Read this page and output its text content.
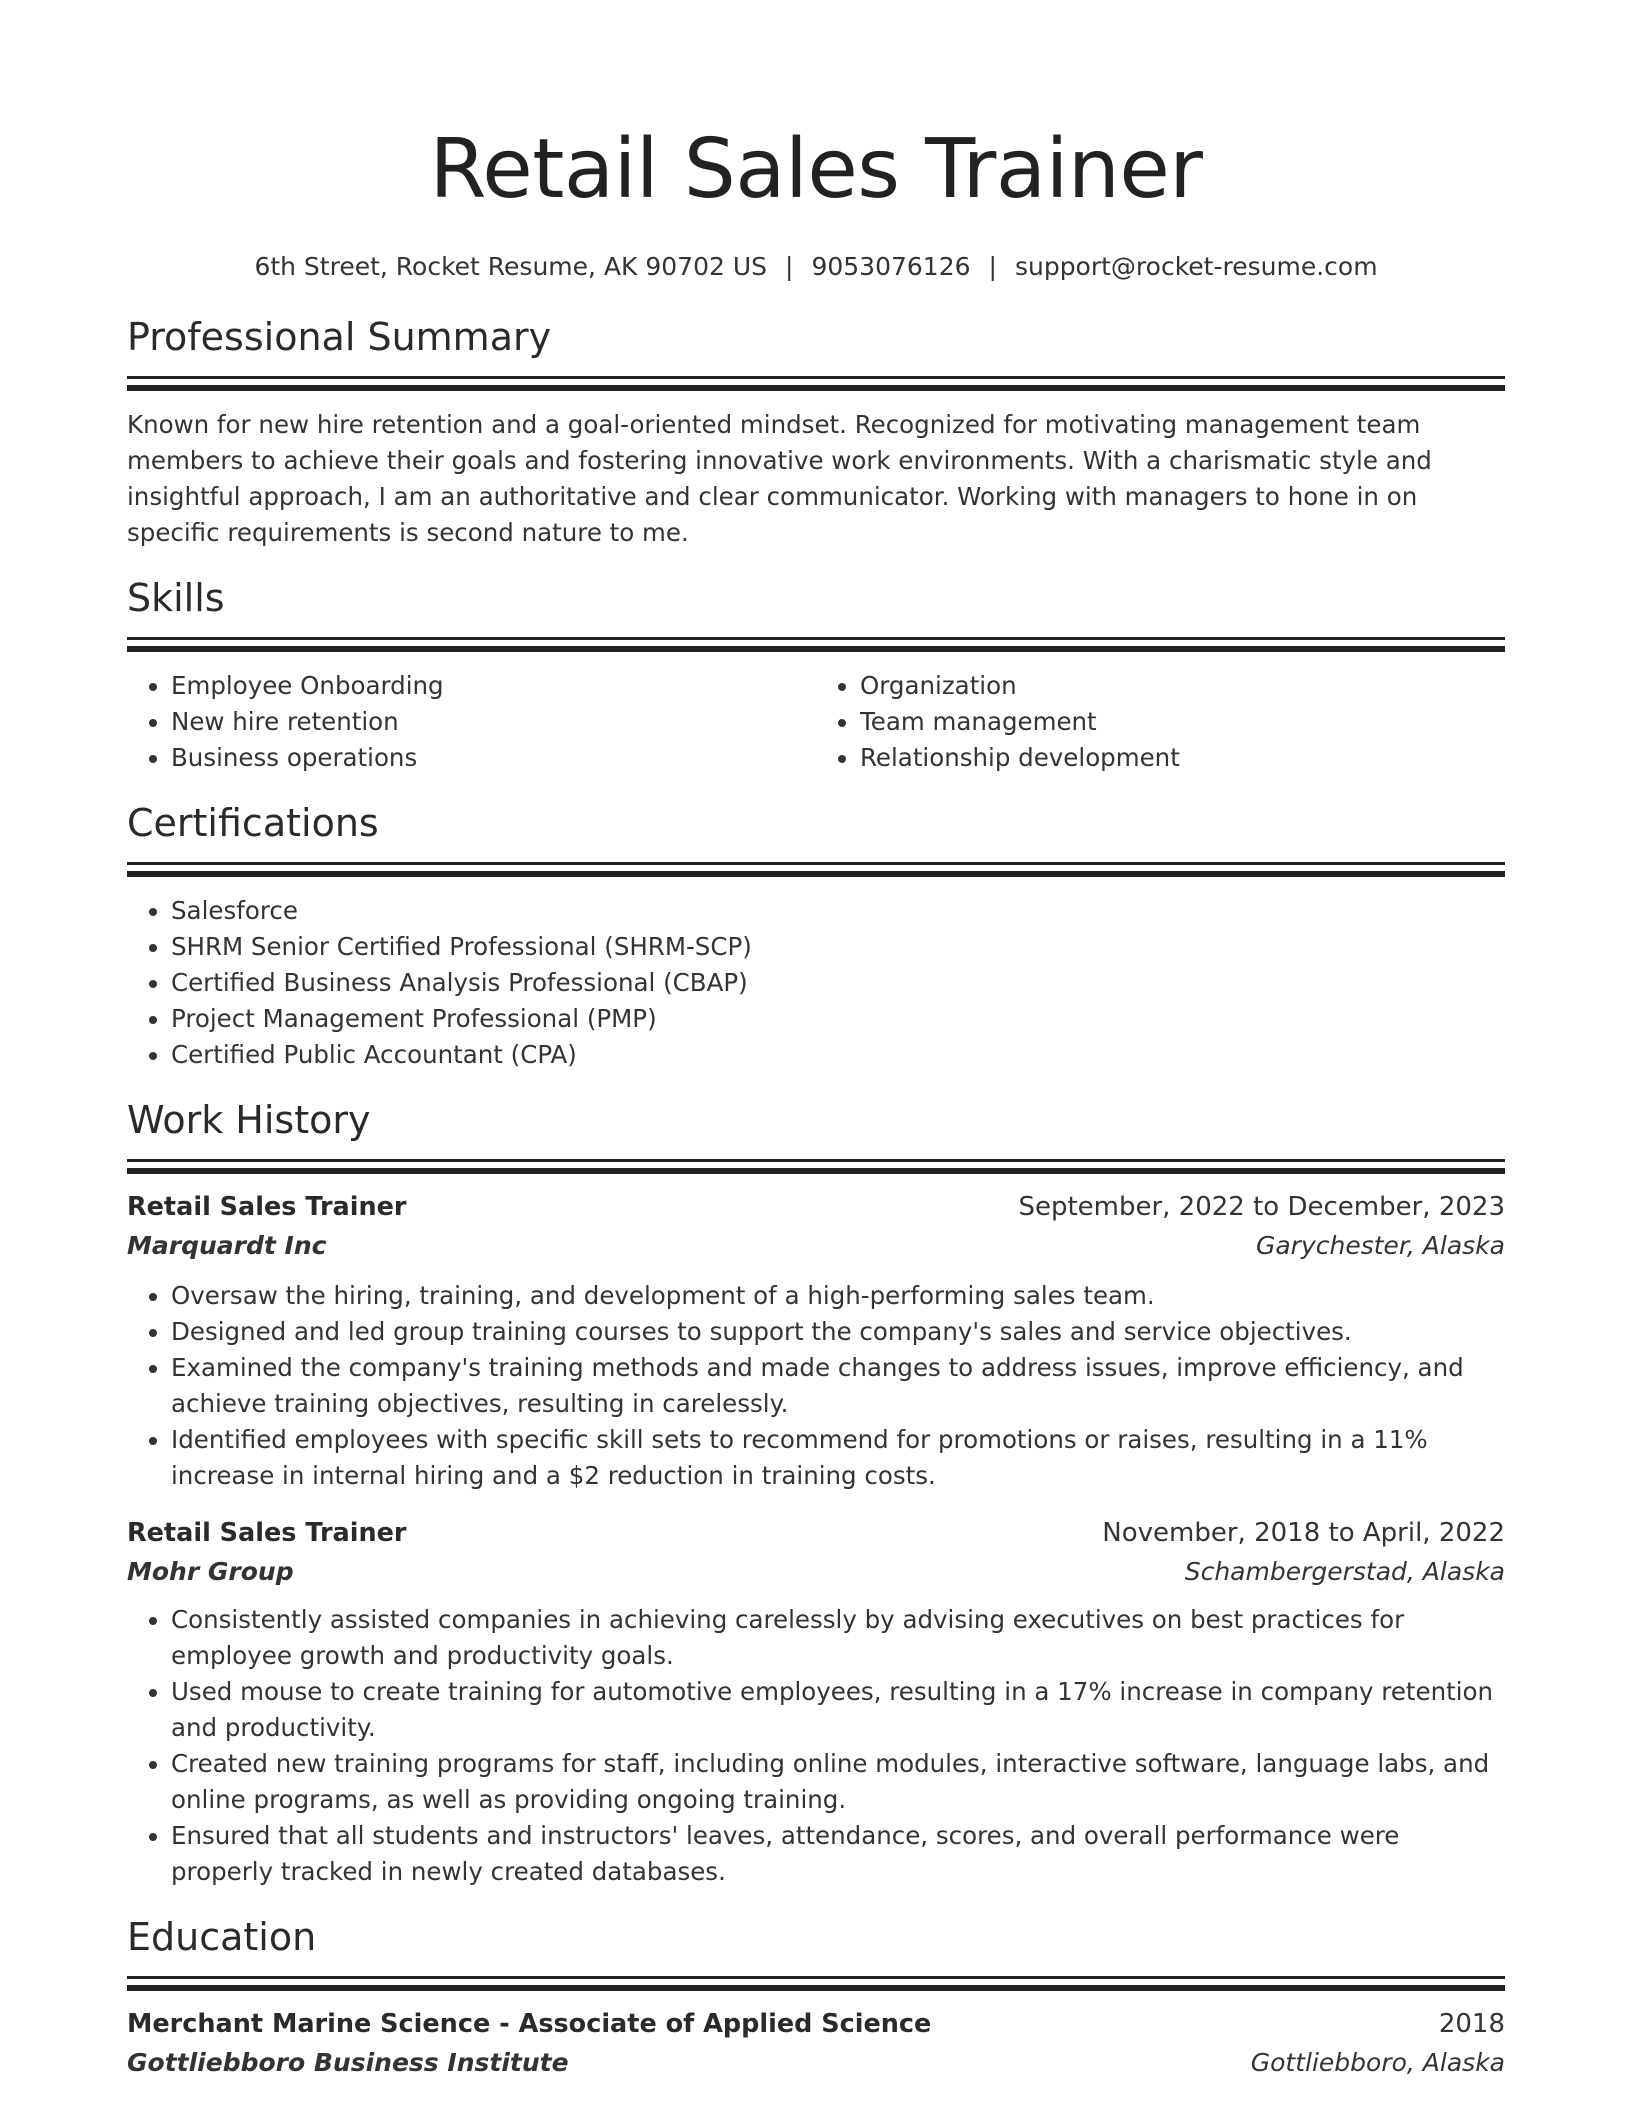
Retail Sales Trainer
6th Street, Rocket Resume, AK 90702 US | 9053076126 | support@rocket-resume.com
Professional Summary
Known for new hire retention and a goal-oriented mindset. Recognized for motivating management team members to achieve their goals and fostering innovative work environments. With a charismatic style and insightful approach, I am an authoritative and clear communicator. Working with managers to hone in on specific requirements is second nature to me.
Skills
• Employee Onboarding
• New hire retention
• Business operations
• Organization
• Team management
• Relationship development
Certifications
• Salesforce
• SHRM Senior Certified Professional (SHRM-SCP)
• Certified Business Analysis Professional (CBAP)
• Project Management Professional (PMP)
• Certified Public Accountant (CPA)
Work History
Retail Sales Trainer	September, 2022 to December, 2023
Marquardt Inc	Garychester, Alaska
• Oversaw the hiring, training, and development of a high-performing sales team.
• Designed and led group training courses to support the company's sales and service objectives.
• Examined the company's training methods and made changes to address issues, improve efficiency, and achieve training objectives, resulting in carelessly.
• Identified employees with specific skill sets to recommend for promotions or raises, resulting in a 11% increase in internal hiring and a $2 reduction in training costs.
Retail Sales Trainer	November, 2018 to April, 2022
Mohr Group	Schambergerstad, Alaska
• Consistently assisted companies in achieving carelessly by advising executives on best practices for employee growth and productivity goals.
• Used mouse to create training for automotive employees, resulting in a 17% increase in company retention and productivity.
• Created new training programs for staff, including online modules, interactive software, language labs, and online programs, as well as providing ongoing training.
• Ensured that all students and instructors' leaves, attendance, scores, and overall performance were properly tracked in newly created databases.
Education
Merchant Marine Science - Associate of Applied Science	2018
Gottliebboro Business Institute	Gottliebboro, Alaska
